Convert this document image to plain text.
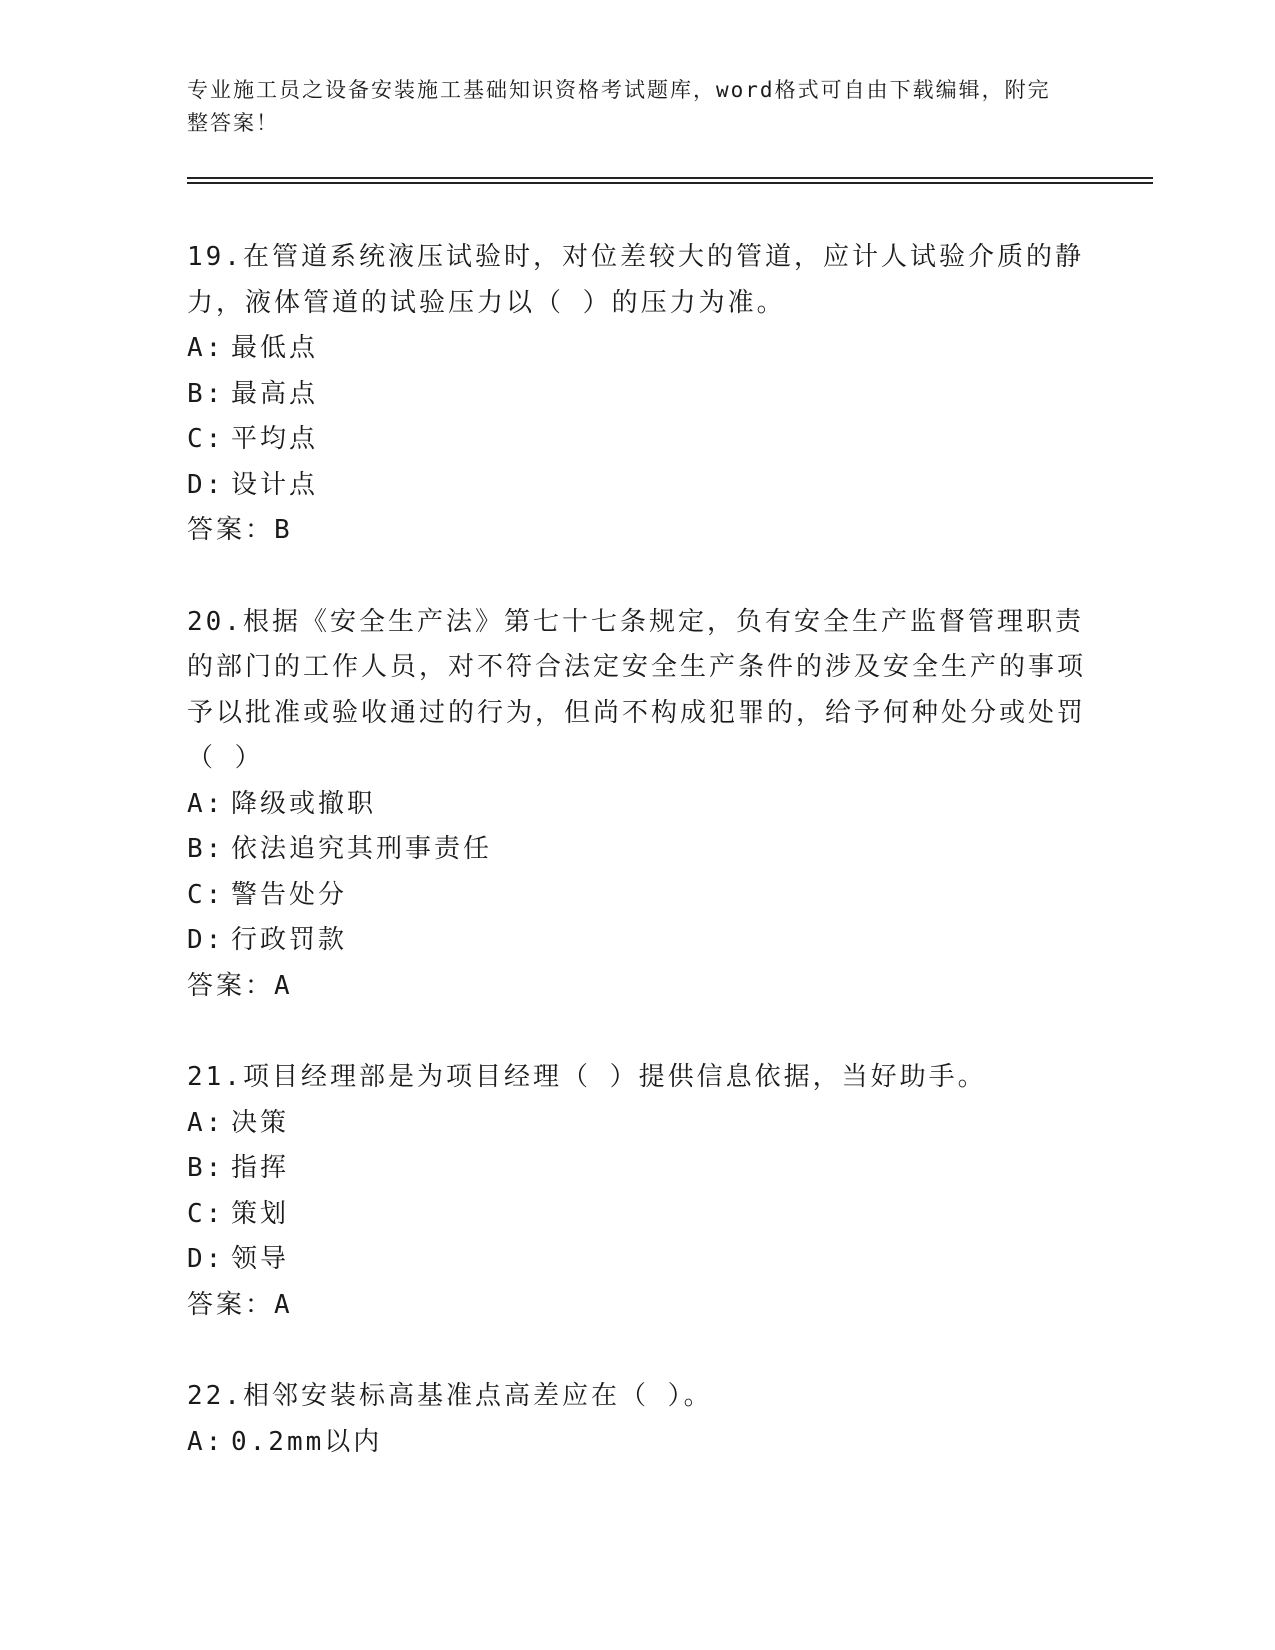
专业施工员之设备安装施工基础知识资格考试题库，word格式可自由下载编辑，附完整答案！
19.在管道系统液压试验时，对位差较大的管道，应计人试验介质的静力，液体管道的试验压力以（ ）的压力为准。
A: 最低点
B: 最高点
C: 平均点
D: 设计点
答案：B
20.根据《安全生产法》第七十七条规定，负有安全生产监督管理职责的部门的工作人员，对不符合法定安全生产条件的涉及安全生产的事项予以批准或验收通过的行为，但尚不构成犯罪的，给予何种处分或处罚（ ）
A: 降级或撤职
B: 依法追究其刑事责任
C: 警告处分
D: 行政罚款
答案：A
21.项目经理部是为项目经理（ ）提供信息依据，当好助手。
A: 决策
B: 指挥
C: 策划
D: 领导
答案：A
22.相邻安装标高基准点高差应在（ ）。
A: 0.2mm以内
